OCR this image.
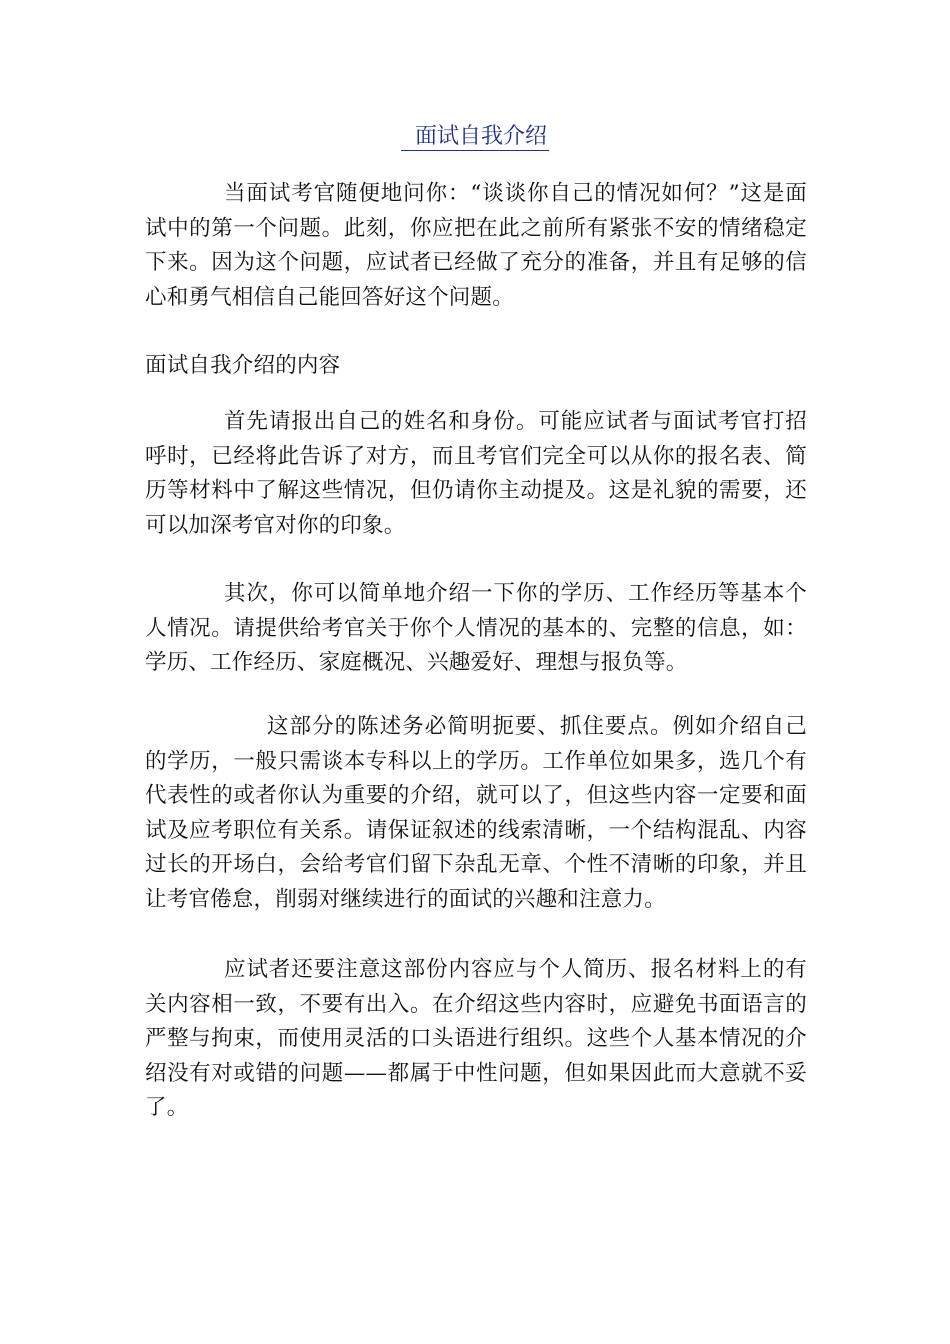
面试自我介绍

当面试考官随便地问你：“谈谈你自己的情况如何？”这是面试中的第一个问题。此刻，你应把在此之前所有紧张不安的情绪稳定下来。因为这个问题，应试者已经做了充分的准备，并且有足够的信心和勇气相信自己能回答好这个问题。

面试自我介绍的内容

首先请报出自己的姓名和身份。可能应试者与面试考官打招呼时，已经将此告诉了对方，而且考官们完全可以从你的报名表、简历等材料中了解这些情况，但仍请你主动提及。这是礼貌的需要，还可以加深考官对你的印象。

其次，你可以简单地介绍一下你的学历、工作经历等基本个人情况。请提供给考官关于你个人情况的基本的、完整的信息，如：学历、工作经历、家庭概况、兴趣爱好、理想与报负等。

这部分的陈述务必简明扼要、抓住要点。例如介绍自己的学历，一般只需谈本专科以上的学历。工作单位如果多，选几个有代表性的或者你认为重要的介绍，就可以了，但这些内容一定要和面试及应考职位有关系。请保证叙述的线索清晰，一个结构混乱、内容过长的开场白，会给考官们留下杂乱无章、个性不清晰的印象，并且让考官倦怠，削弱对继续进行的面试的兴趣和注意力。

应试者还要注意这部份内容应与个人简历、报名材料上的有关内容相一致，不要有出入。在介绍这些内容时，应避免书面语言的严整与拘束，而使用灵活的口头语进行组织。这些个人基本情况的介绍没有对或错的问题——都属于中性问题，但如果因此而大意就不妥了。
